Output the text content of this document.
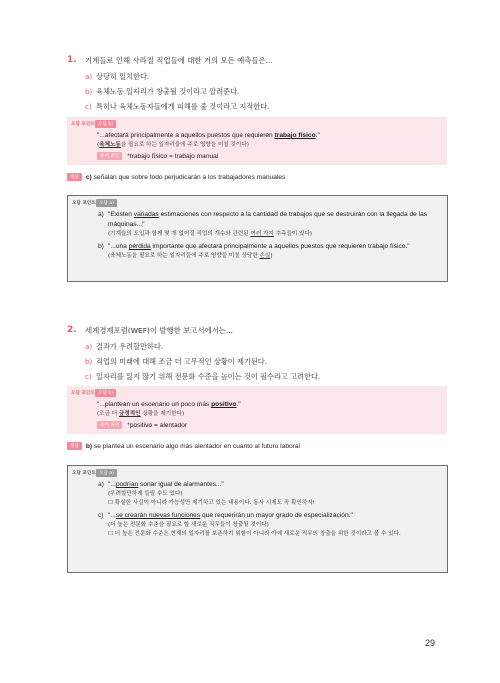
1.	기계들로 인해 사라질 직업들에 대한 거의 모든 예측들은...
a) 상당히 일치한다.
b) 육체노동 일자리가 창출될 것이라고 알려준다.
c) 특히나 육체노동자들에게 피해를 줄 것이라고 지적한다.
오답 포인트 오답 b)
"...afectará principalmente a aquellos puestos que requieren trabajo físico."
(육체노동을 필요로 하는 일자리들에 주로 영향을 미칠 것이다)
용어 파악	*trabajo físico = trabajo manual
정답	c) señalan que sobre todo perjudicarán a los trabajadores manuales
오답 포인트 오답 a)
a) "Existen variadas estimaciones con respecto a la cantidad de trabajos que se destruirán con la llegada de las máquinas..."
(기계들의 도입과 함께 몇 개 없어질 직업의 개수와 관련된 여러 가지 추측들이 있다)
b) "...una pérdida importante que afectará principalmente a aquellos puestos que requieren trabajo físico."
(육체노동을 필요로 하는 일자리들에 주로 영향을 미칠 상당한 손실)
2.	세계경제포럼(WEF)이 발행한 보고서에서는...
a) 결과가 우려할만하다.
b) 직업의 미래에 대해 조금 더 고무적인 상황이 제기된다.
c) 일자리를 잃지 않기 위해 전문화 수준을 높이는 것이 필수라고 고려한다.
오답 포인트 오답 b)
"...plantean un escenario un poco más positivo."
(조금 더 긍정적인 상황을 제기한다)
용어 파악	*positivo = alentador
정답	b) se plantea un escenario algo más alentador en cuanto al futuro laboral
오답 포인트 오답 a)
a) "...podrían sonar igual de alarmantes..."
(우려할만하게 들릴 수도 있다)
☐ 확실한 사실이 아니라 가능성만 제기하고 있는 내용이다. 동사 시제도 꼭 확인하자!
c) "...se crearán nuevas funciones que requerirán un mayor grado de especialización."
(더 높은 전문화 수준을 필요로 할 새로운 직무들이 창출될 것이다)
☐ 더 높은 전문화 수준은 현재의 일자리를 보존하기 위함이 아니라 아예 새로운 직무의 창출을 위한 것이라고 볼 수 있다.
29
